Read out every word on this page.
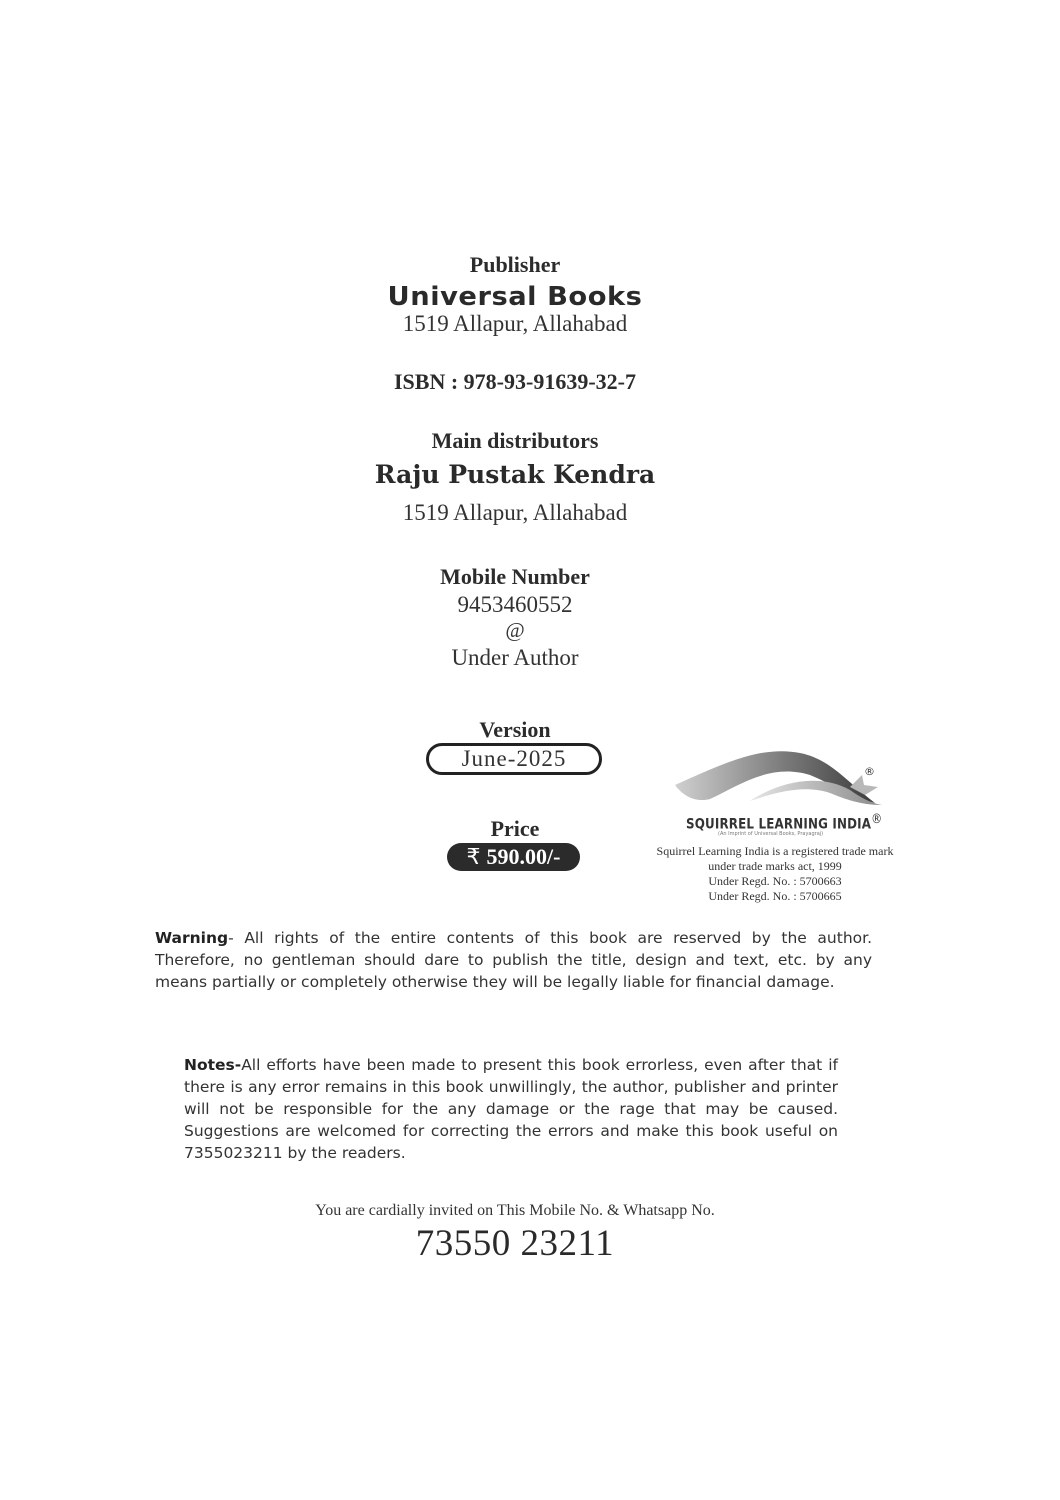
Publisher
Universal Books
1519 Allapur, Allahabad
ISBN : 978-93-91639-32-7
Main distributors
Raju Pustak Kendra
1519 Allapur, Allahabad
Mobile Number
9453460552
@
Under Author
Version
June-2025
Price
₹ 590.00/-
®
SQUIRREL LEARNING INDIA®
(An Imprint of Universal Books, Prayagraj)
Squirrel Learning India is a registered trade mark
under trade marks act, 1999
Under Regd. No. : 5700663
Under Regd. No. : 5700665
Warning- All rights of the entire contents of this book are reserved by the author. Therefore, no gentleman should dare to publish the title, design and text, etc. by any means partially or completely otherwise they will be legally liable for financial damage.
Notes-All efforts have been made to present this book errorless, even after that if there is any error remains in this book unwillingly, the author, publisher and printer will not be responsible for the any damage or the rage that may be caused. Suggestions are welcomed for correcting the errors and make this book useful on 7355023211 by the readers.
You are cardially invited on This Mobile No. & Whatsapp No.
73550 23211
